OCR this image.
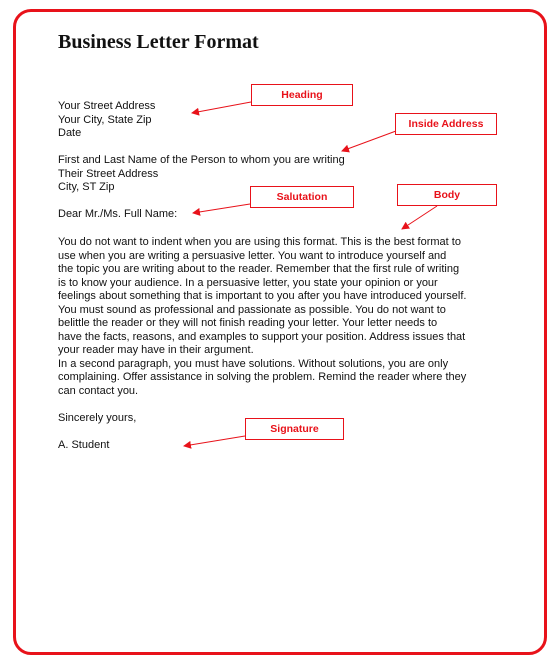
Business Letter Format
Your Street Address
Your City, State Zip
Date
First and Last Name of the Person to whom you are writing
Their Street Address
City, ST Zip
Dear Mr./Ms. Full Name:
You do not want to indent when you are using this format. This is the best format to
use when you are writing a persuasive letter. You want to introduce yourself and
the topic you are writing about to the reader. Remember that the first rule of writing
is to know your audience. In a persuasive letter, you state your opinion or your
feelings about something that is important to you after you have introduced yourself.
You must sound as professional and passionate as possible. You do not want to
belittle the reader or they will not finish reading your letter. Your letter needs to
have the facts, reasons, and examples to support your position. Address issues that
your reader may have in their argument.
In a second paragraph, you must have solutions. Without solutions, you are only
complaining. Offer assistance in solving the problem. Remind the reader where they
can contact you.
Sincerely yours,
A. Student
Heading
Inside Address
Salutation	Body
Signature
